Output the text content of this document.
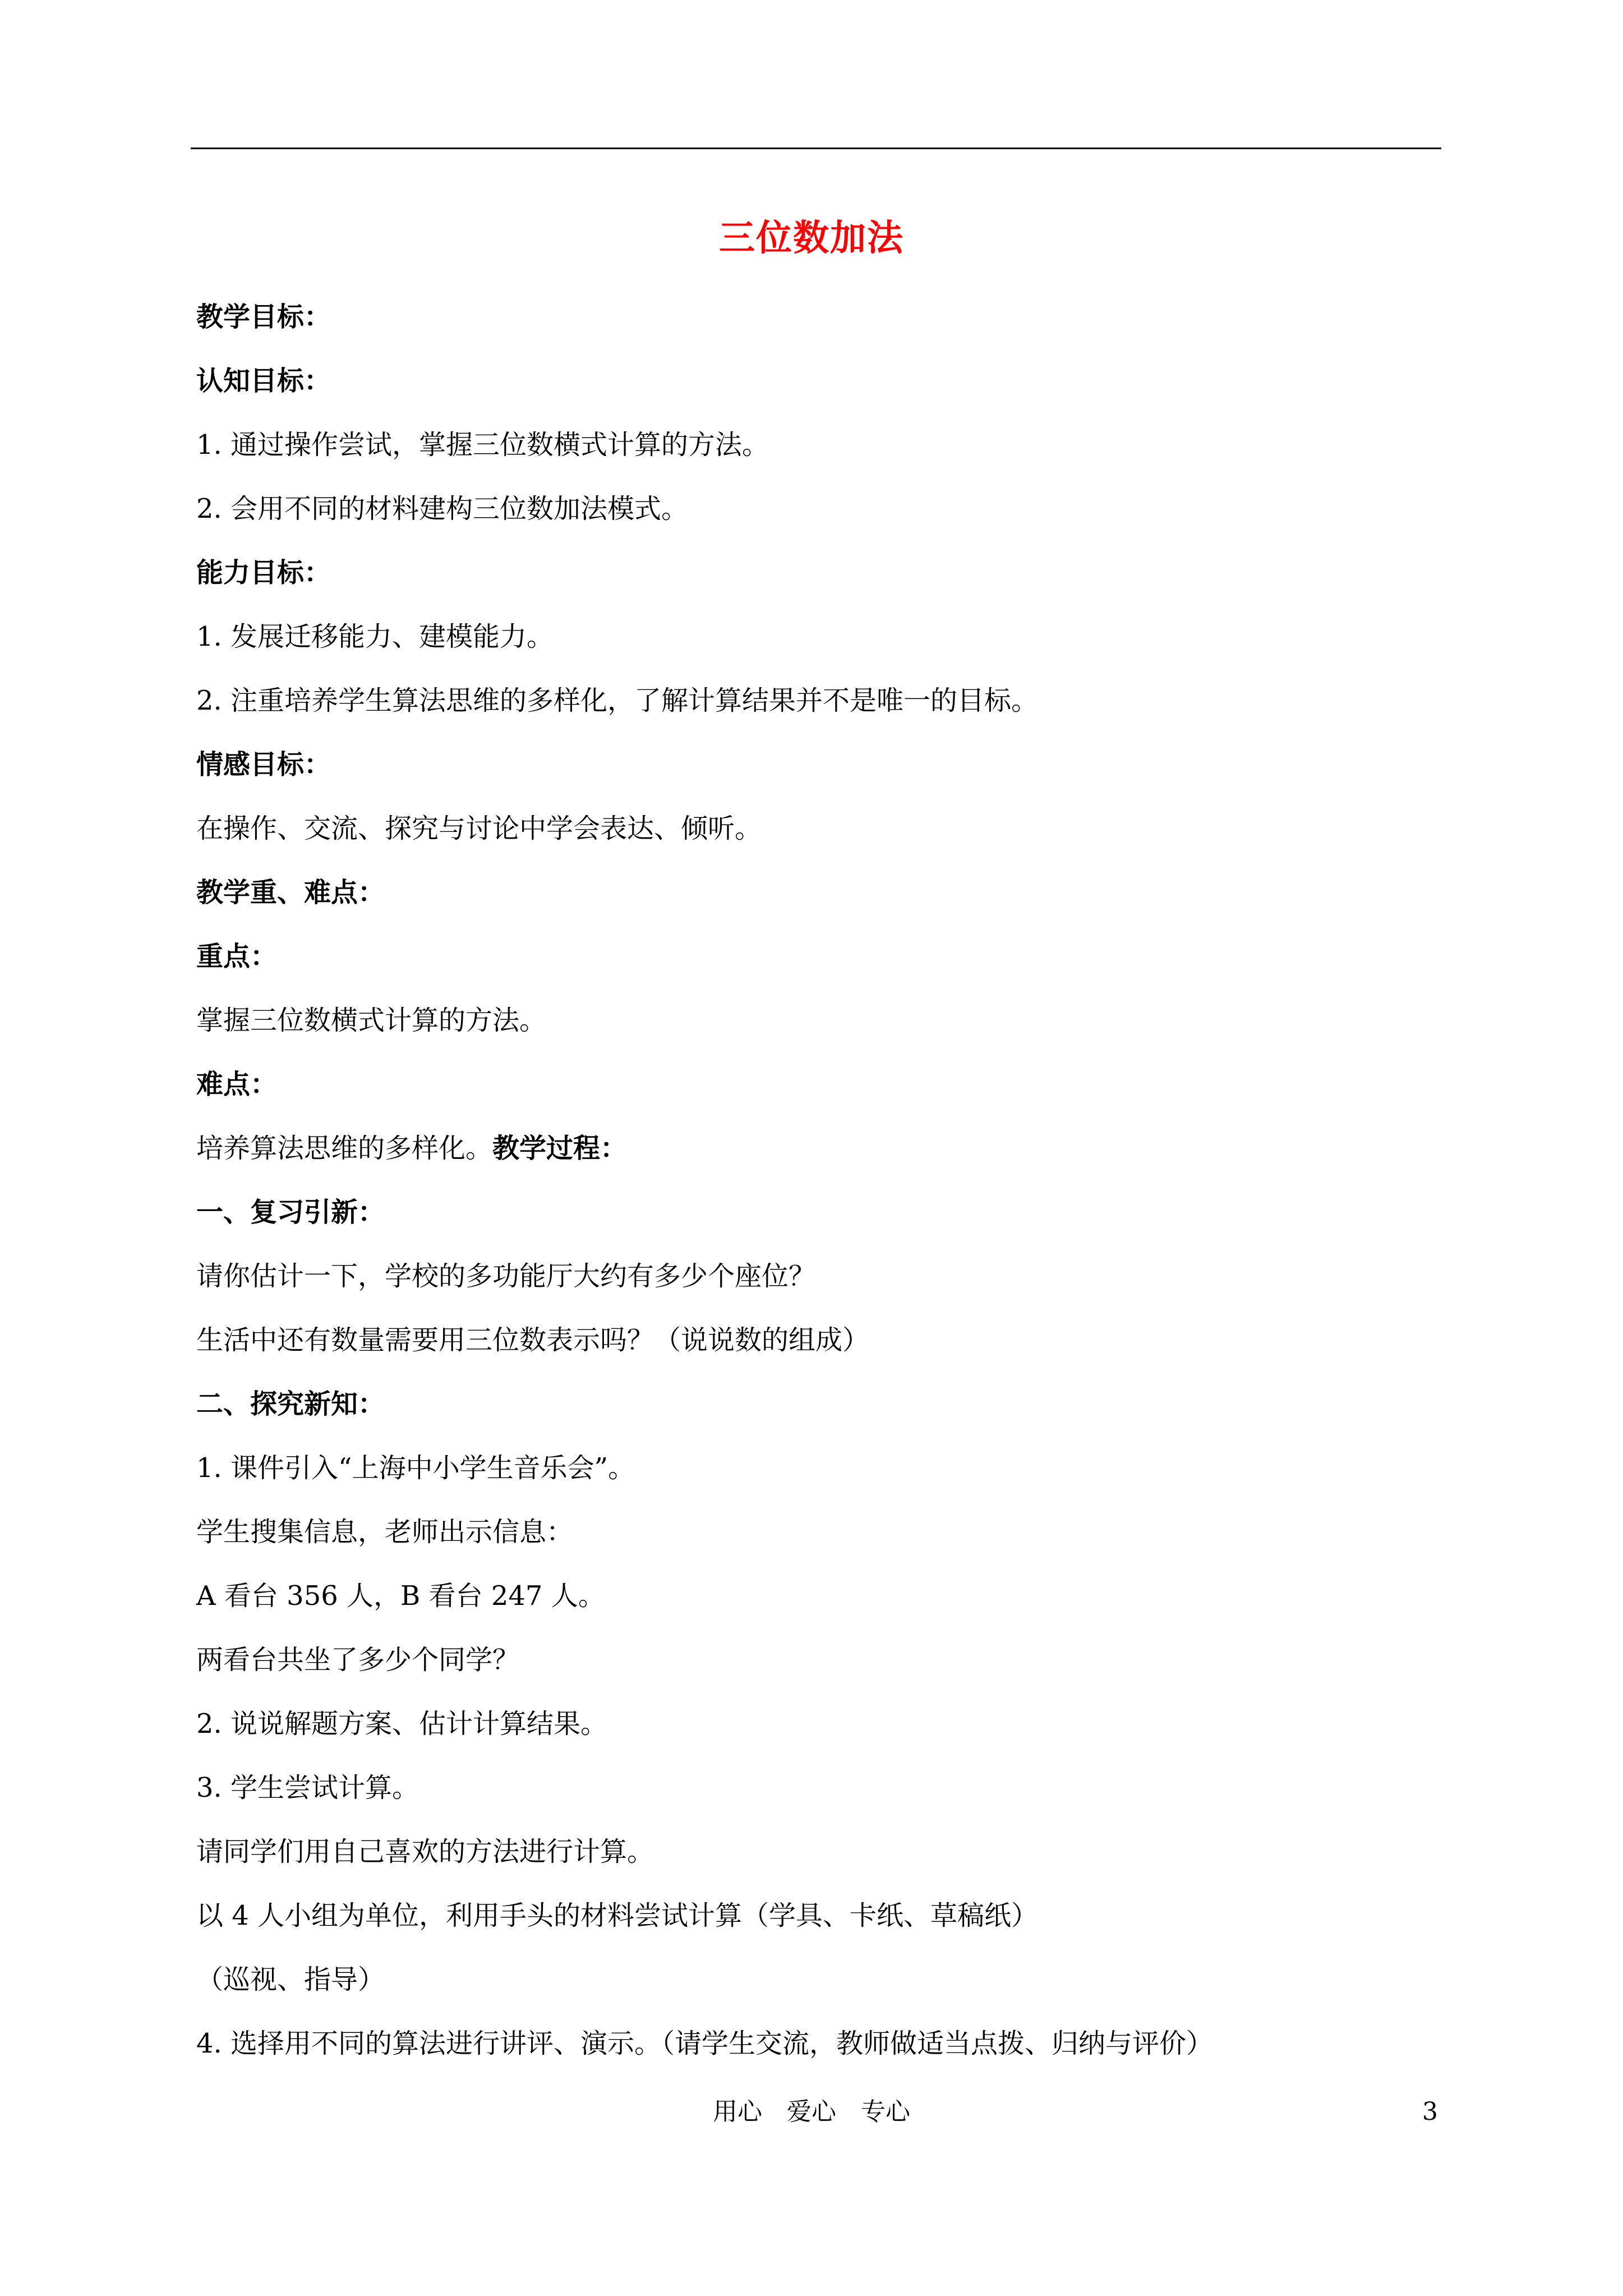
三位数加法
教学目标：
认知目标：
1. 通过操作尝试，掌握三位数横式计算的方法。
2. 会用不同的材料建构三位数加法模式。
能力目标：
1. 发展迁移能力、建模能力。
2. 注重培养学生算法思维的多样化，了解计算结果并不是唯一的目标。
情感目标：
在操作、交流、探究与讨论中学会表达、倾听。
教学重、难点：
重点：
掌握三位数横式计算的方法。
难点：
培养算法思维的多样化。教学过程：
一、复习引新：
请你估计一下，学校的多功能厅大约有多少个座位？
生活中还有数量需要用三位数表示吗？（说说数的组成）
二、探究新知：
1. 课件引入“上海中小学生音乐会”。
学生搜集信息，老师出示信息：
A 看台 356 人，B 看台 247 人。
两看台共坐了多少个同学？
2. 说说解题方案、估计计算结果。
3. 学生尝试计算。
请同学们用自己喜欢的方法进行计算。
以 4 人小组为单位，利用手头的材料尝试计算（学具、卡纸、草稿纸）
（巡视、指导）
4. 选择用不同的算法进行讲评、演示。（请学生交流，教师做适当点拨、归纳与评价）
用心 爱心 专心	3
